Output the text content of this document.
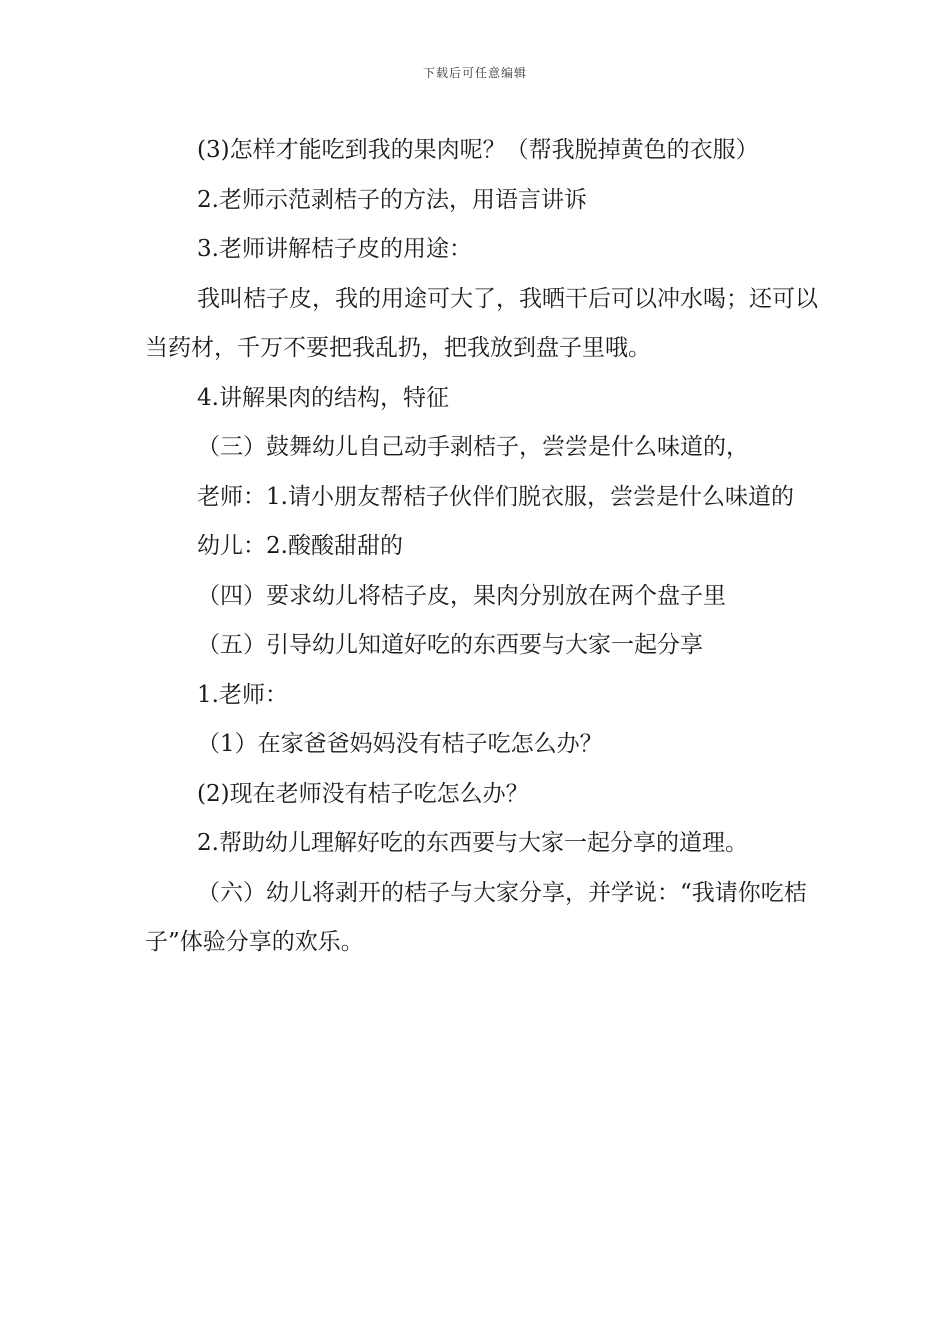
下载后可任意编辑

(3)怎样才能吃到我的果肉呢？（帮我脱掉黄色的衣服）

2.老师示范剥桔子的方法，用语言讲诉

3.老师讲解桔子皮的用途：

我叫桔子皮，我的用途可大了，我晒干后可以冲水喝；还可以当药材，千万不要把我乱扔，把我放到盘子里哦。

4.讲解果肉的结构，特征

（三）鼓舞幼儿自己动手剥桔子，尝尝是什么味道的，

老师：1.请小朋友帮桔子伙伴们脱衣服，尝尝是什么味道的

幼儿：2.酸酸甜甜的

（四）要求幼儿将桔子皮，果肉分别放在两个盘子里

（五）引导幼儿知道好吃的东西要与大家一起分享

1.老师：

（1）在家爸爸妈妈没有桔子吃怎么办？

(2)现在老师没有桔子吃怎么办？

2.帮助幼儿理解好吃的东西要与大家一起分享的道理。

（六）幼儿将剥开的桔子与大家分享，并学说：“我请你吃桔子”体验分享的欢乐。
